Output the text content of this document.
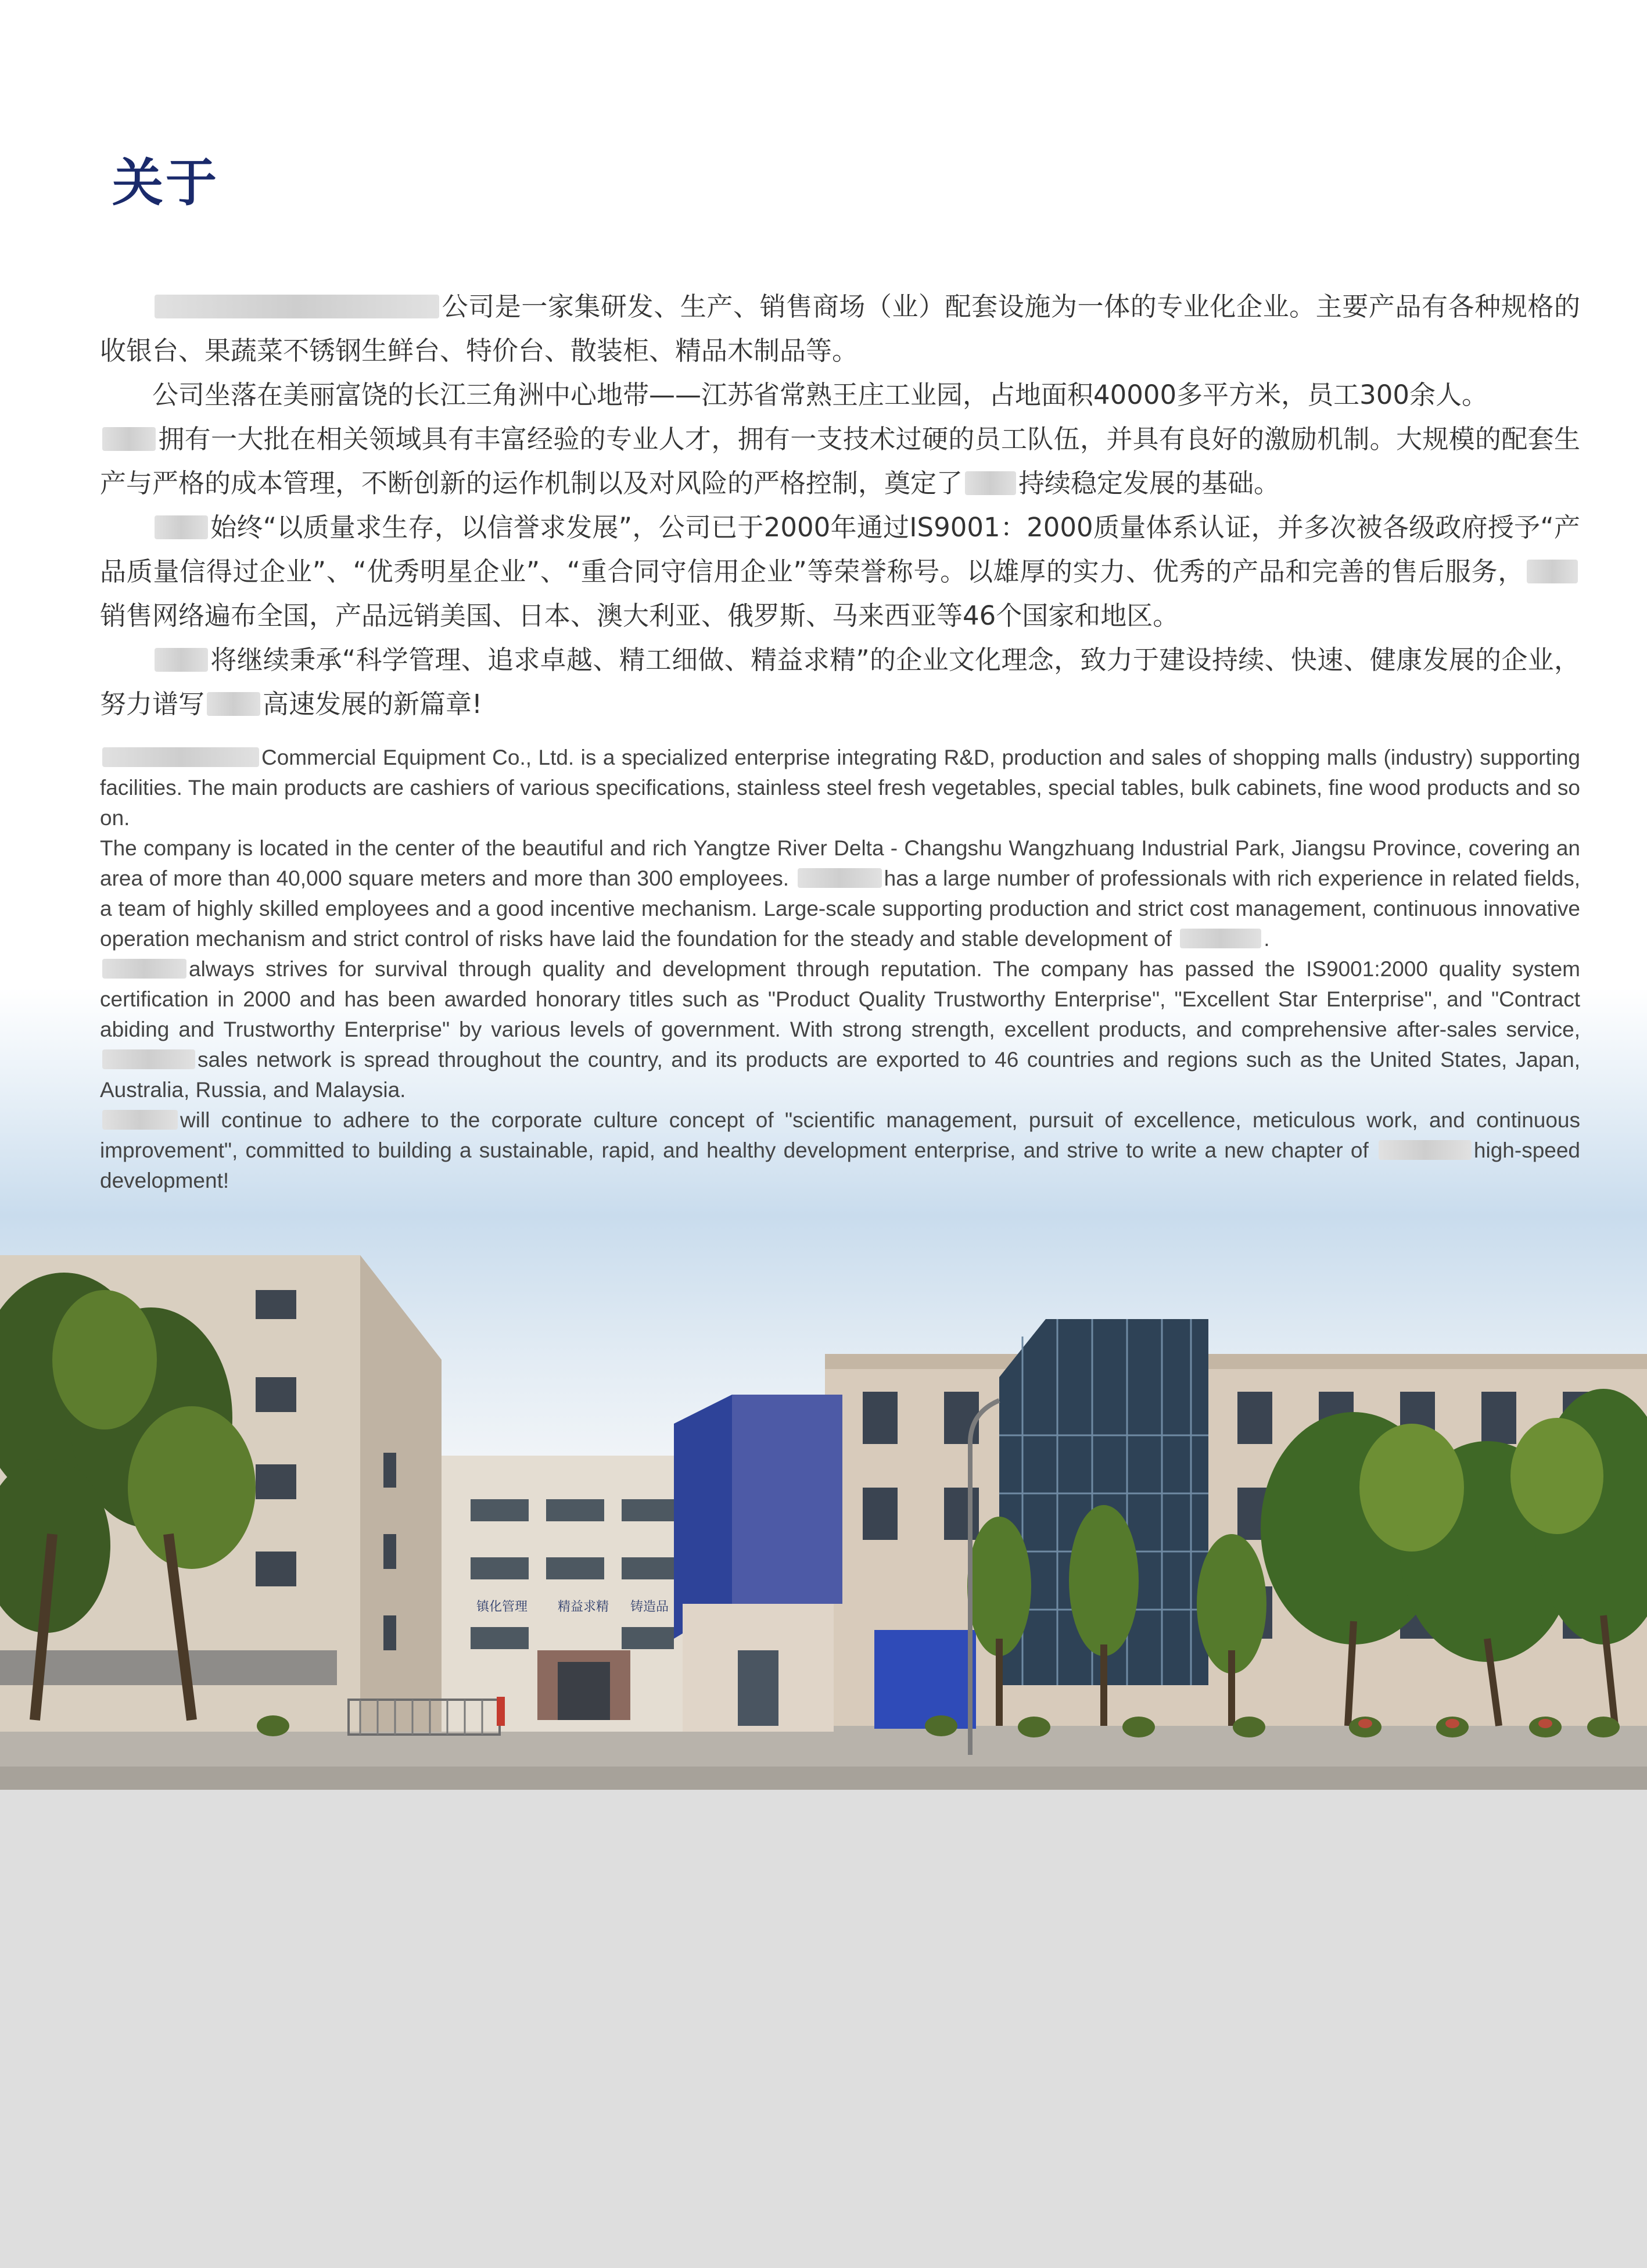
关于

公司是一家集研发、生产、销售商场（业）配套设施为一体的专业化企业。主要产品有各种规格的收银台、果蔬菜不锈钢生鲜台、特价台、散装柜、精品木制品等。

公司坐落在美丽富饶的长江三角洲中心地带——江苏省常熟王庄工业园，占地面积40000多平方米，员工300余人。

拥有一大批在相关领域具有丰富经验的专业人才，拥有一支技术过硬的员工队伍，并具有良好的激励机制。大规模的配套生产与严格的成本管理，不断创新的运作机制以及对风险的严格控制，奠定了 持续稳定发展的基础。

始终“以质量求生存，以信誉求发展”，公司已于2000年通过IS9001：2000质量体系认证，并多次被各级政府授予“产品质量信得过企业”、“优秀明星企业”、“重合同守信用企业”等荣誉称号。以雄厚的实力、优秀的产品和完善的售后服务，销售网络遍布全国，产品远销美国、日本、澳大利亚、俄罗斯、马来西亚等46个国家和地区。

将继续秉承“科学管理、追求卓越、精工细做、精益求精”的企业文化理念，致力于建设持续、快速、健康发展的企业，努力谱写 高速发展的新篇章!

Commercial Equipment Co., Ltd. is a specialized enterprise integrating R&D, production and sales of shopping malls (industry) supporting facilities. The main products are cashiers of various specifications, stainless steel fresh vegetables, special tables, bulk cabinets, fine wood products and so on.

The company is located in the center of the beautiful and rich Yangtze River Delta - Changshu Wangzhuang Industrial Park, Jiangsu Province, covering an area of more than 40,000 square meters and more than 300 employees.	has a large number of professionals with rich experience in related fields, a team of highly skilled employees and a good incentive mechanism. Large-scale supporting production and strict cost management, continuous innovative operation mechanism and strict control of risks have laid the foundation for the steady and stable development of	.

always strives for survival through quality and development through reputation. The company has passed the IS9001:2000 quality system certification in 2000 and has been awarded honorary titles such as "Product Quality Trustworthy Enterprise", "Excellent Star Enterprise", and "Contract abiding and Trustworthy Enterprise" by various levels of government. With strong strength, excellent products, and comprehensive after-sales service, sales network is spread throughout the country, and its products are exported to 46 countries and regions such as the United States, Japan, Australia, Russia, and Malaysia.

will continue to adhere to the corporate culture concept of "scientific management, pursuit of excellence, meticulous work, and continuous improvement", committed to building a sustainable, rapid, and healthy development enterprise, and strive to write a new chapter of	high-speed development!

镇化管理 精益求精 铸造品
